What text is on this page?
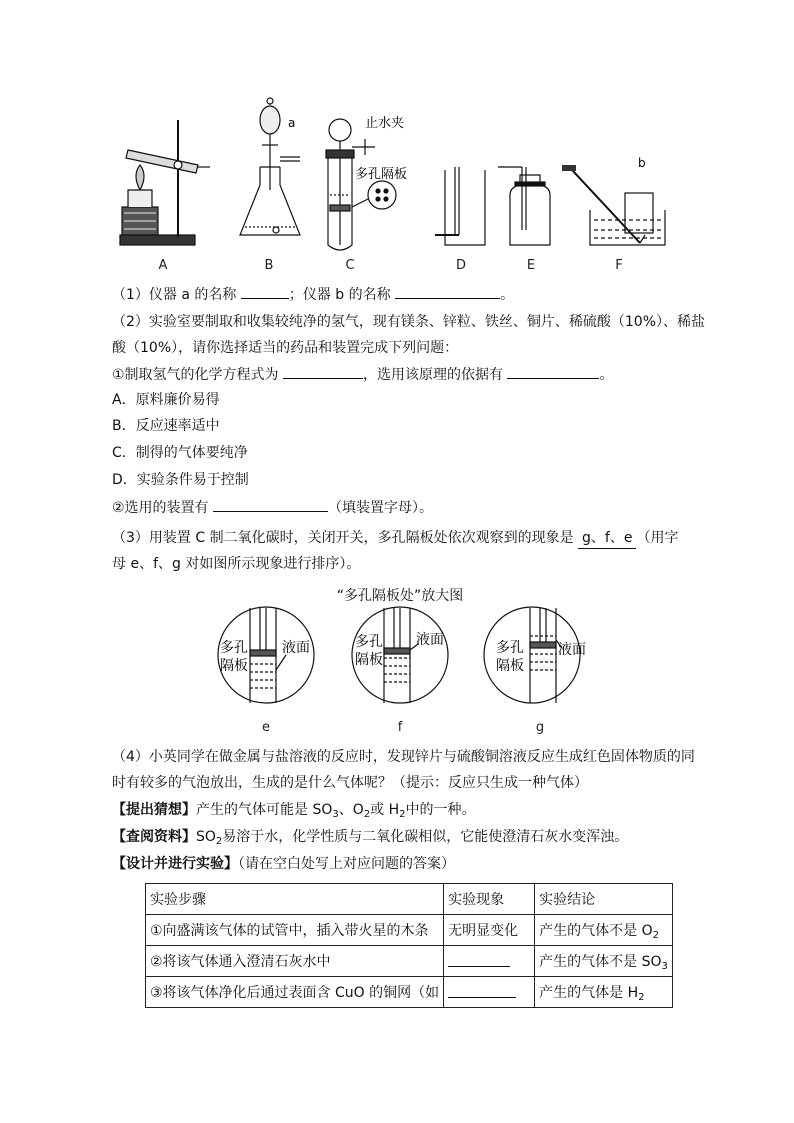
a
b
止水夹
多孔隔板
A	B	C	D	E	F
（1）仪器 a 的名称	；仪器 b 的名称	。
（2）实验室要制取和收集较纯净的氢气，现有镁条、锌粒、铁丝、铜片、稀硫酸（10%）、稀盐
酸（10%），请你选择适当的药品和装置完成下列问题：
①制取氢气的化学方程式为	，选用该原理的依据有	。
A．原料廉价易得
B．反应速率适中
C．制得的气体要纯净
D．实验条件易于控制
②选用的装置有	（填装置字母）。
（3）用装置 C 制二氧化碳时，关闭开关，多孔隔板处依次观察到的现象是 g、f、e （用字
母 e、f、g 对如图所示现象进行排序）。
“多孔隔板处”放大图
多孔
隔板
液面	多孔
隔板
液面	多孔
隔板
液面
e	f	g
（4）小英同学在做金属与盐溶液的反应时，发现锌片与硫酸铜溶液反应生成红色固体物质的同
时有较多的气泡放出，生成的是什么气体呢？（提示：反应只生成一种气体）
【提出猜想】产生的气体可能是 $SO_3$、$O_2$或 $H_2$中的一种。
【查阅资料】$SO_2$易溶于水，化学性质与二氧化碳相似，它能使澄清石灰水变浑浊。
【设计并进行实验】（请在空白处写上对应问题的答案）
实验步骤	实验现象	实验结论
①向盛满该气体的试管中，插入带火星的木条	无明显变化	产生的气体不是 $O_2$
②将该气体通入澄清石灰水中		产生的气体不是 $SO_3$
③将该气体净化后通过表面含 CuO 的铜网（如		产生的气体是 $H_2$
